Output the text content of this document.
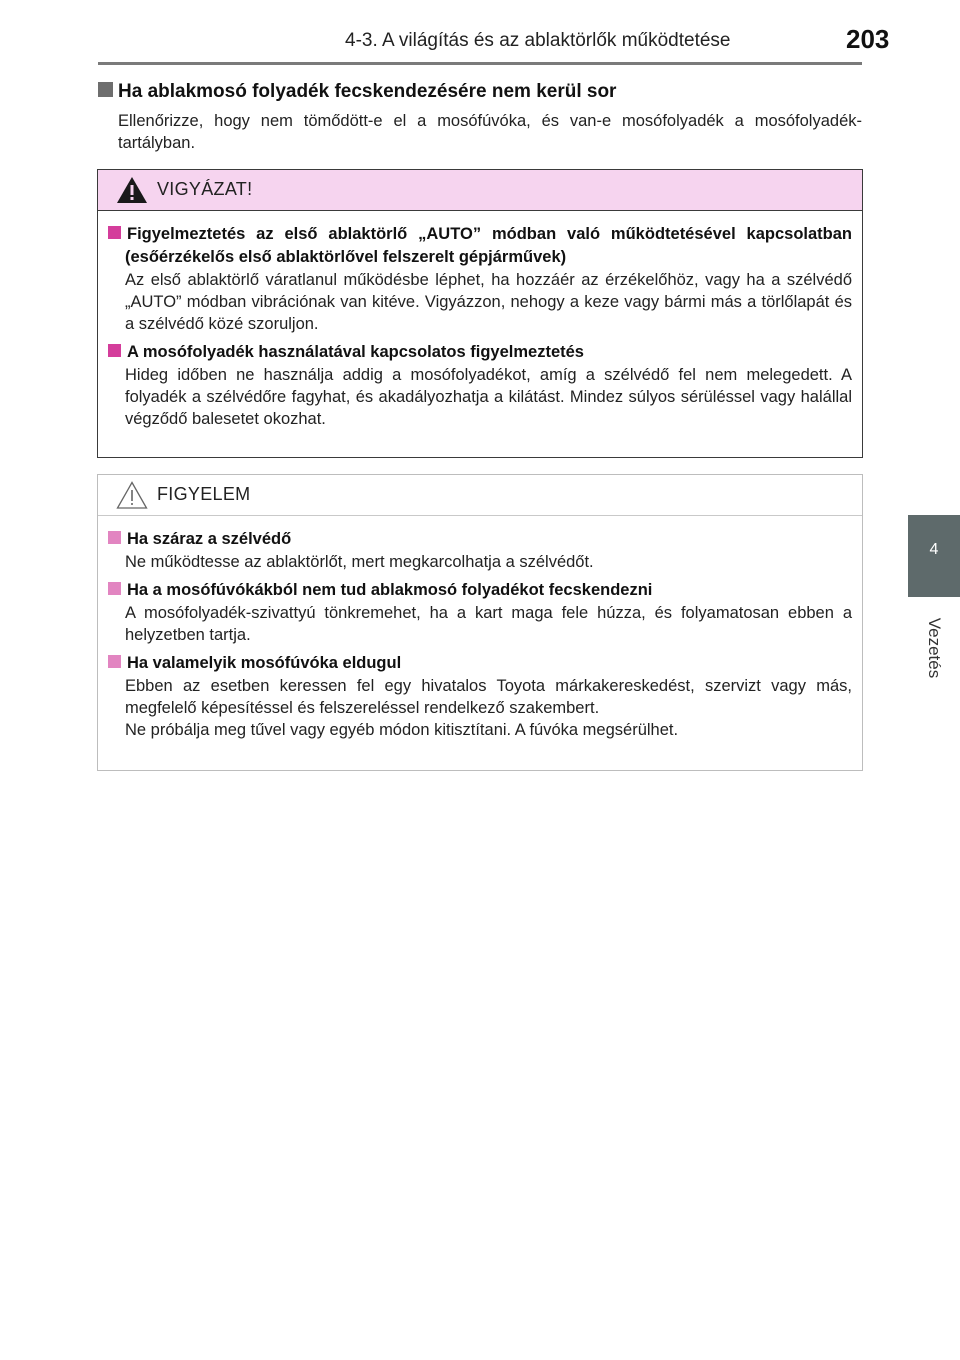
4-3. A világítás és az ablaktörlők működtetése	203
4
Vezetés
Ha ablakmosó folyadék fecskendezésére nem kerül sor
Ellenőrizze, hogy nem tömődött-e el a mosófúvóka, és van-e mosófolyadék a mosófolyadék-tartályban.
VIGYÁZAT!
Figyelmeztetés az első ablaktörlő „AUTO” módban való működtetésével kapcsolatban (esőérzékelős első ablaktörlővel felszerelt gépjárművek)
Az első ablaktörlő váratlanul működésbe léphet, ha hozzáér az érzékelőhöz, vagy ha a szélvédő „AUTO” módban vibrációnak van kitéve. Vigyázzon, nehogy a keze vagy bármi más a törlőlapát és a szélvédő közé szoruljon.
A mosófolyadék használatával kapcsolatos figyelmeztetés
Hideg időben ne használja addig a mosófolyadékot, amíg a szélvédő fel nem melegedett. A folyadék a szélvédőre fagyhat, és akadályozhatja a kilátást. Mindez súlyos sérüléssel vagy halállal végződő balesetet okozhat.
FIGYELEM
Ha száraz a szélvédő
Ne működtesse az ablaktörlőt, mert megkarcolhatja a szélvédőt.
Ha a mosófúvókákból nem tud ablakmosó folyadékot fecskendezni
A mosófolyadék-szivattyú tönkremehet, ha a kart maga fele húzza, és folyamatosan ebben a helyzetben tartja.
Ha valamelyik mosófúvóka eldugul

Ebben az esetben keressen fel egy hivatalos Toyota márkakereskedést, szervizt vagy más, megfelelő képesítéssel és felszereléssel rendelkező szakembert.

Ne próbálja meg tűvel vagy egyéb módon kitisztítani. A fúvóka megsérülhet.
